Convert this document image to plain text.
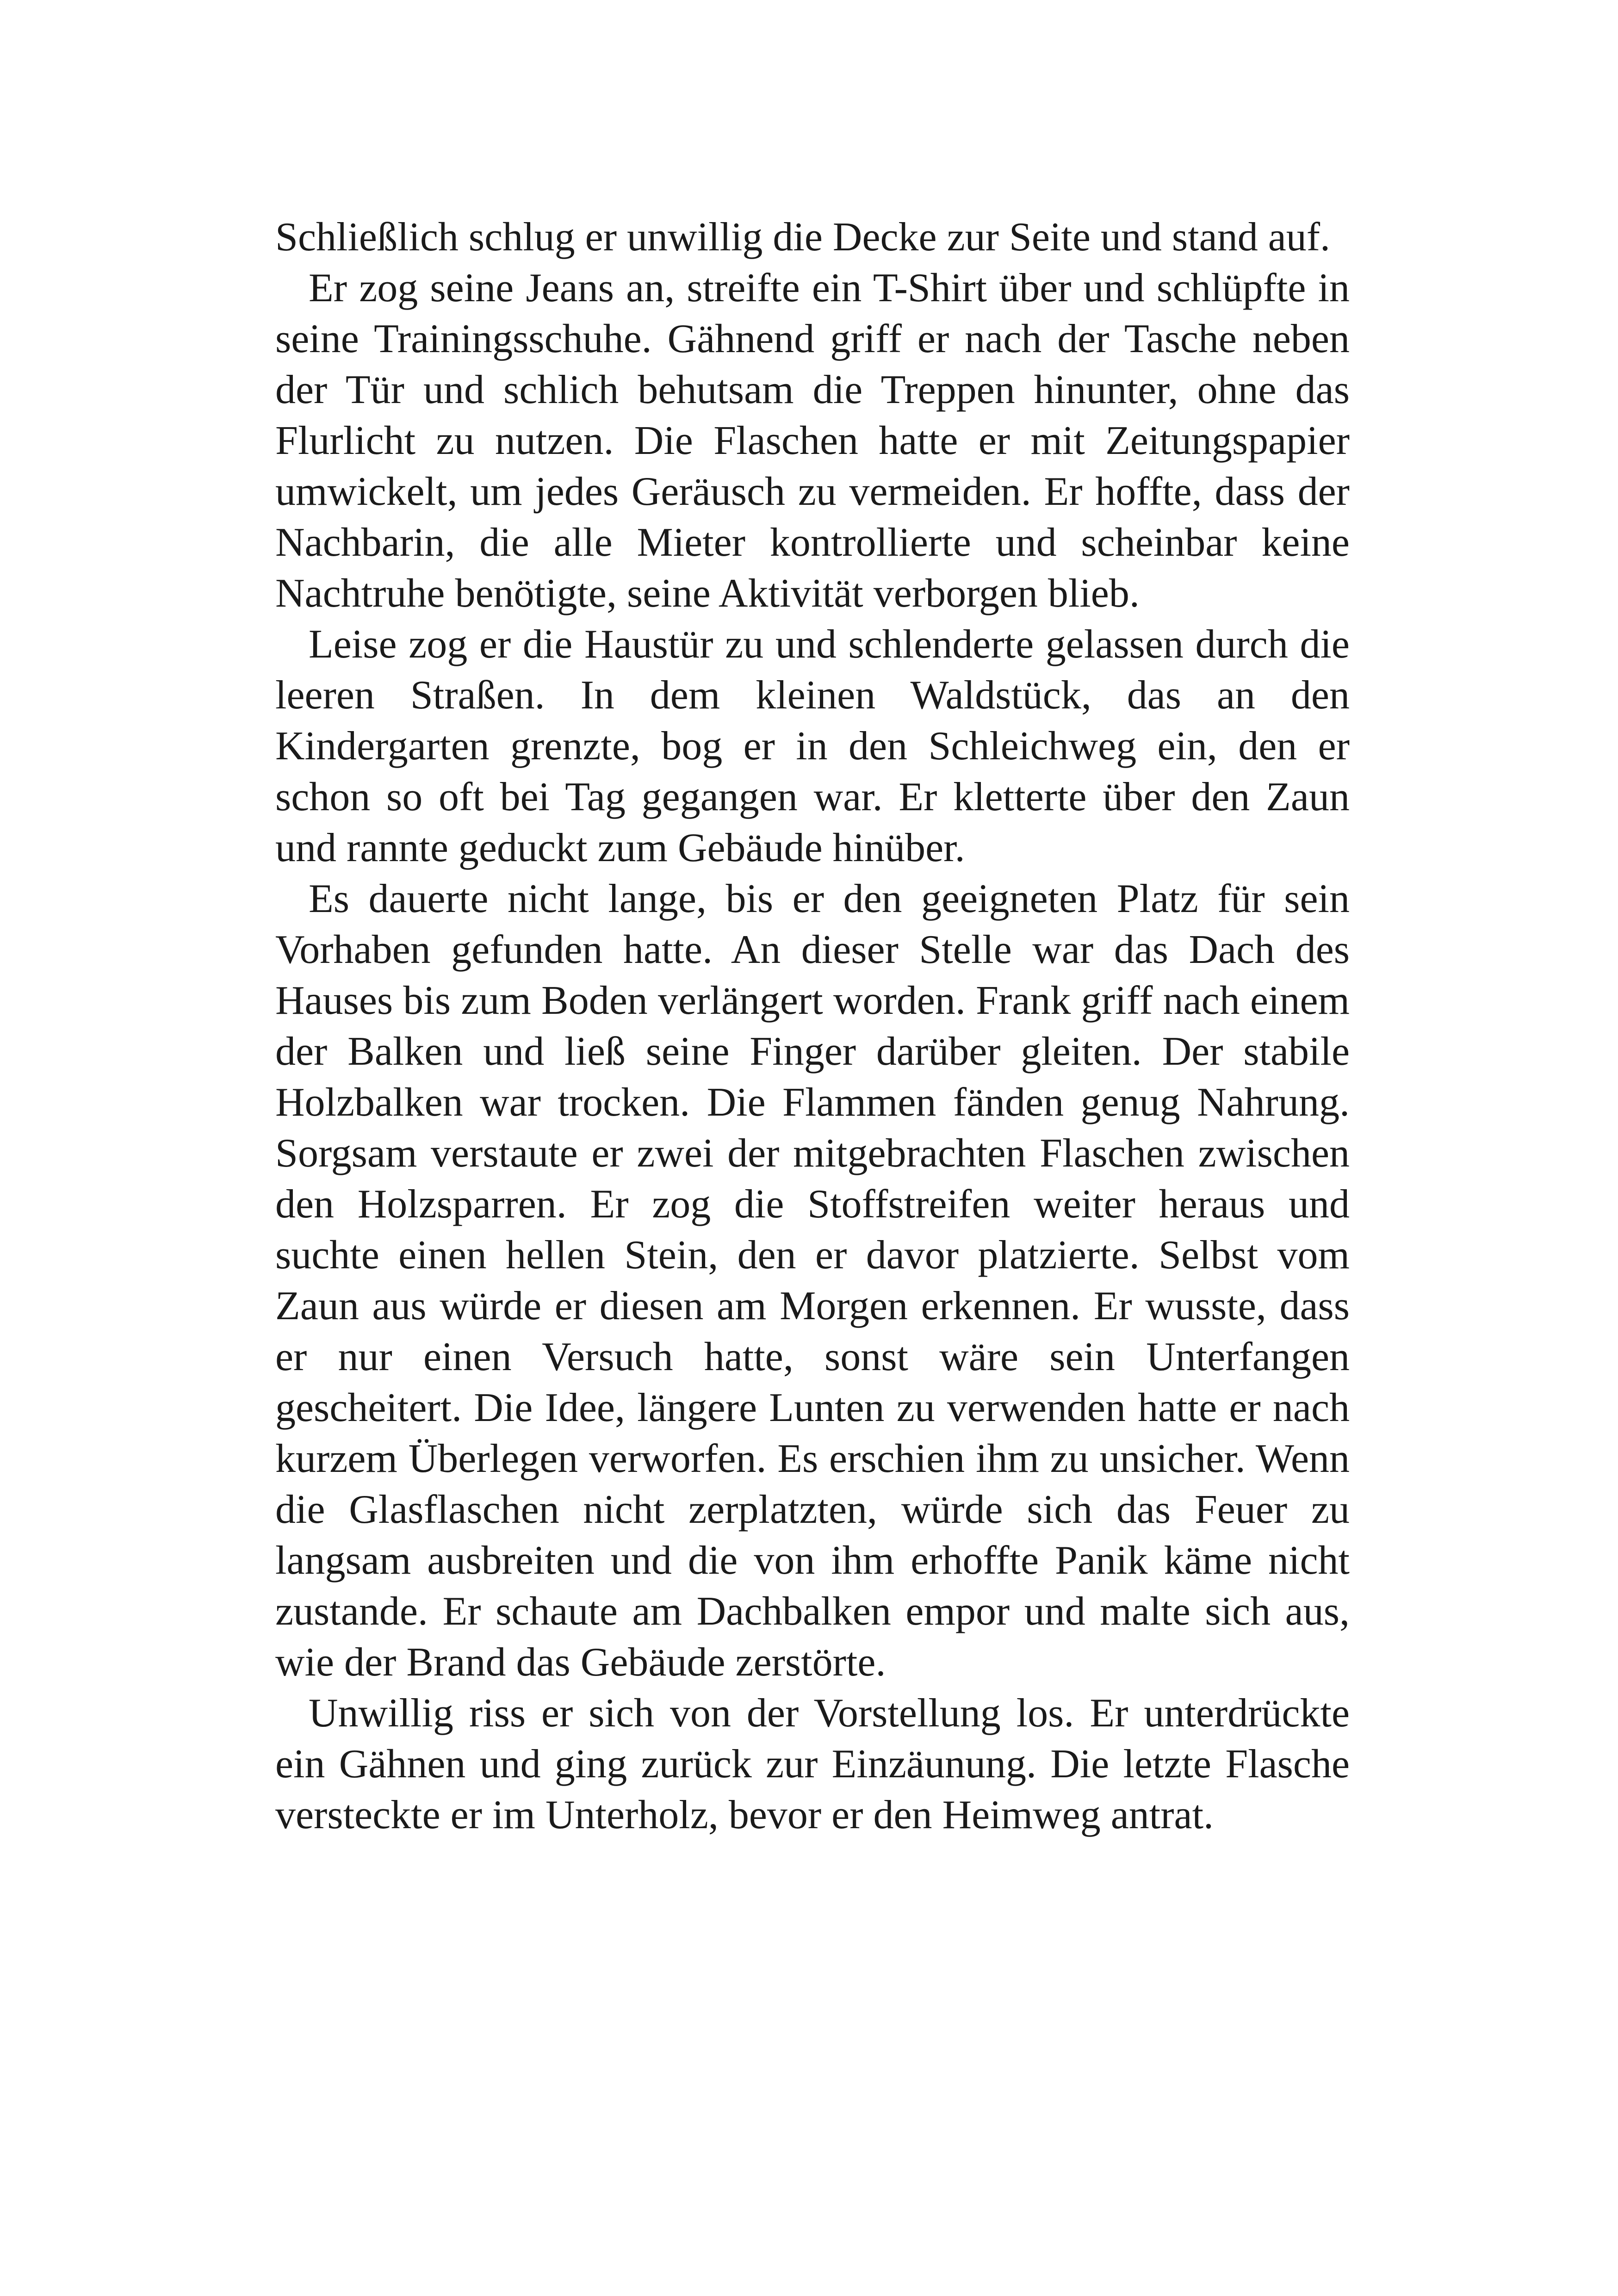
Schließlich schlug er unwillig die Decke zur Seite und stand auf.

Er zog seine Jeans an, streifte ein T-Shirt über und schlüpfte in seine Trainingsschuhe. Gähnend griff er nach der Tasche neben der Tür und schlich behutsam die Treppen hinunter, ohne das Flurlicht zu nutzen. Die Flaschen hatte er mit Zeitungspapier umwickelt, um jedes Geräusch zu vermeiden. Er hoffte, dass der Nachbarin, die alle Mieter kontrollierte und scheinbar keine Nachtruhe benötigte, seine Aktivität verborgen blieb.

Leise zog er die Haustür zu und schlenderte gelassen durch die leeren Straßen. In dem kleinen Waldstück, das an den Kindergarten grenzte, bog er in den Schleichweg ein, den er schon so oft bei Tag gegangen war. Er kletterte über den Zaun und rannte geduckt zum Gebäude hinüber.

Es dauerte nicht lange, bis er den geeigneten Platz für sein Vorhaben gefunden hatte. An dieser Stelle war das Dach des Hauses bis zum Boden verlängert worden. Frank griff nach einem der Balken und ließ seine Finger darüber gleiten. Der stabile Holzbalken war trocken. Die Flammen fänden genug Nahrung. Sorgsam verstaute er zwei der mitgebrachten Flaschen zwischen den Holzsparren. Er zog die Stoffstreifen weiter heraus und suchte einen hellen Stein, den er davor platzierte. Selbst vom Zaun aus würde er diesen am Morgen erkennen. Er wusste, dass er nur einen Versuch hatte, sonst wäre sein Unterfangen gescheitert. Die Idee, längere Lunten zu verwenden hatte er nach kurzem Überlegen verworfen. Es erschien ihm zu unsicher. Wenn die Glasflaschen nicht zerplatzten, würde sich das Feuer zu langsam ausbreiten und die von ihm erhoffte Panik käme nicht zustande. Er schaute am Dachbalken empor und malte sich aus, wie der Brand das Gebäude zerstörte.

Unwillig riss er sich von der Vorstellung los. Er unterdrückte ein Gähnen und ging zurück zur Einzäunung. Die letzte Flasche versteckte er im Unterholz, bevor er den Heimweg antrat.
